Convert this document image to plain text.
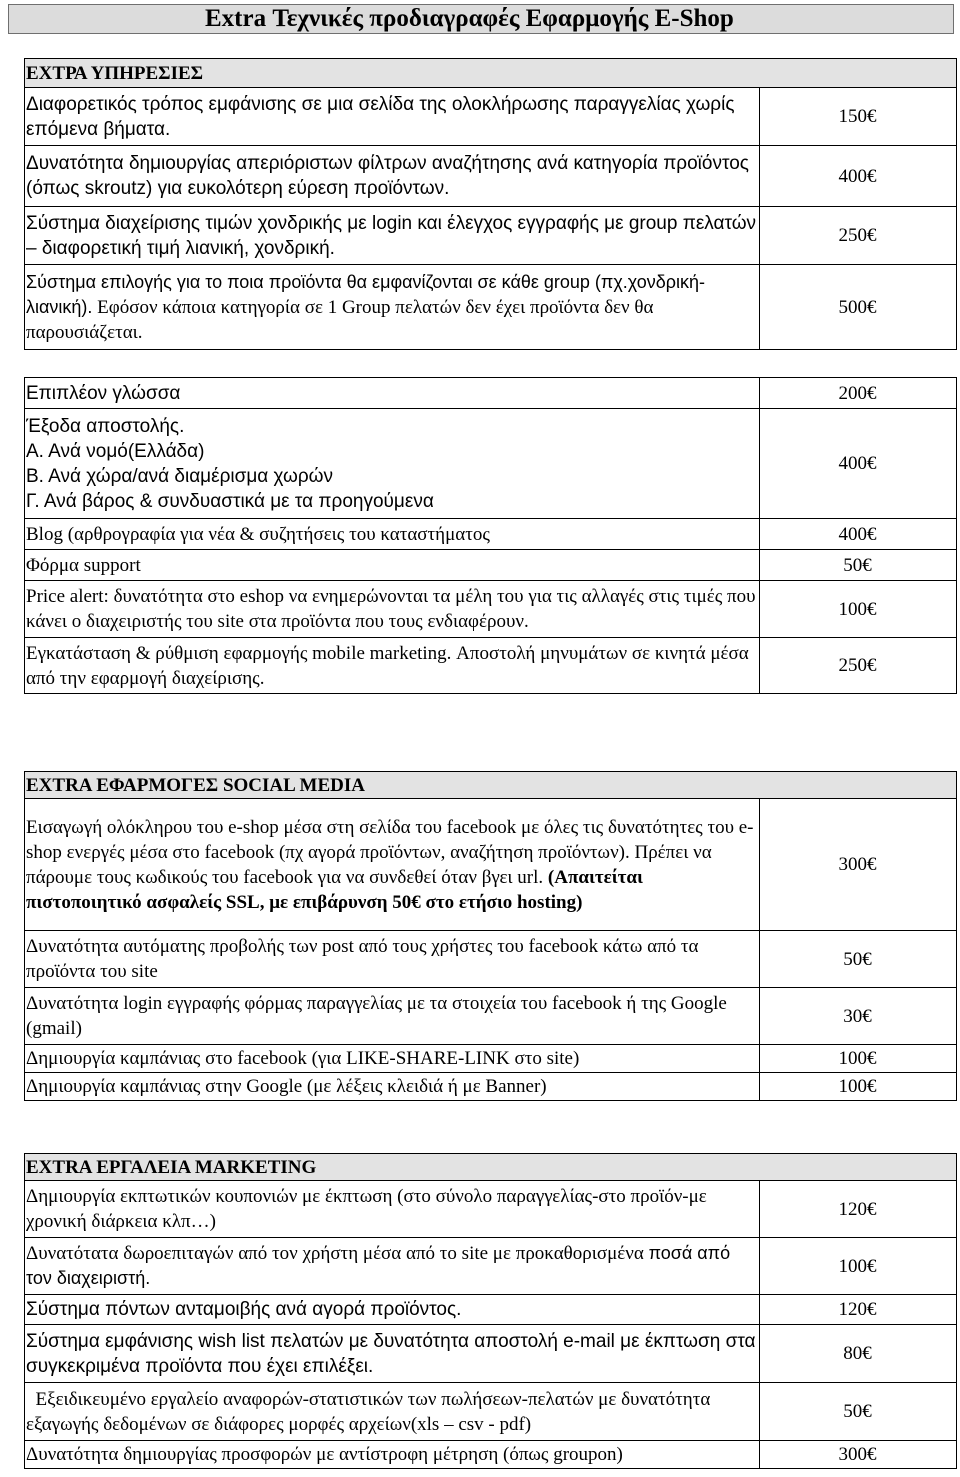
Extra Τεχνικές προδιαγραφές Εφαρμογής E-Shop
ΕΧΤΡΑ ΥΠΗΡΕΣΙΕΣ	
Διαφορετικός τρόπος εμφάνισης σε μια σελίδα της ολοκλήρωσης παραγγελίας χωρίς επόμενα βήματα.	150€
Δυνατότητα δημιουργίας απεριόριστων φίλτρων αναζήτησης ανά κατηγορία προϊόντος (όπως skroutz) για ευκολότερη εύρεση προϊόντων.	400€
Σύστημα διαχείρισης τιμών χονδρικής με login και έλεγχος εγγραφής με group πελατών – διαφορετική τιμή λιανική, χονδρική.	250€
Σύστημα επιλογής για το ποια προϊόντα θα εμφανίζονται σε κάθε group (πχ.χονδρική-λιανική). Εφόσον κάποια κατηγορία σε 1 Group πελατών δεν έχει προϊόντα δεν θα παρουσιάζεται.	500€
Επιπλέον γλώσσα	200€

Έξοδα αποστολής.
Α. Ανά νομό(Ελλάδα)
Β. Ανά χώρα/ανά διαμέρισμα χωρών
Γ. Ανά βάρος & συνδυαστικά με τα προηγούμενα	400€
Blog (αρθρογραφία για νέα & συζητήσεις του καταστήματος	400€
Φόρμα support	50€
Price alert: δυνατότητα στο eshop να ενημερώνονται τα μέλη του για τις αλλαγές στις τιμές που κάνει ο διαχειριστής του site στα προϊόντα που τους ενδιαφέρουν.	100€
Εγκατάσταση & ρύθμιση εφαρμογής mobile marketing. Αποστολή μηνυμάτων σε κινητά μέσα από την εφαρμογή διαχείρισης.	250€
EXTRA ΕΦΑΡΜΟΓΕΣ SOCIAL MEDIA	
Εισαγωγή ολόκληρου του e-shop μέσα στη σελίδα του facebook με όλες τις δυνατότητες του e-shop ενεργές μέσα στο facebook (πχ αγορά προϊόντων, αναζήτηση προϊόντων). Πρέπει να πάρουμε τους κωδικούς του facebook για να συνδεθεί όταν βγει url. (Απαιτείται πιστοποιητικό ασφαλείς SSL, με επιβάρυνση 50€ στο ετήσιο hosting)	300€
Δυνατότητα αυτόματης προβολής των post από τους χρήστες του facebook κάτω από τα προϊόντα του site	50€
Δυνατότητα login εγγραφής φόρμας παραγγελίας με τα στοιχεία του facebook ή της Google (gmail)	30€
Δημιουργία καμπάνιας στο facebook (για LIKE-SHARE-LINK στο site)	100€
Δημιουργία καμπάνιας στην Google (με λέξεις κλειδιά ή με Banner)	100€
EXTRA ΕΡΓΑΛΕΙΑ MARKETING	
Δημιουργία εκπτωτικών κουπονιών με έκπτωση (στο σύνολο παραγγελίας-στο προϊόν-με χρονική διάρκεια κλπ…)	120€
Δυνατότατα δωροεπιταγών από τον χρήστη μέσα από το site με προκαθορισμένα ποσά από τον διαχειριστή.	100€
Σύστημα πόντων ανταμοιβής ανά αγορά προϊόντος.	120€
Σύστημα εμφάνισης wish list πελατών με δυνατότητα αποστολή e-mail με έκπτωση στα συγκεκριμένα προϊόντα που έχει επιλέξει.	80€
Εξειδικευμένο εργαλείο αναφορών-στατιστικών των πωλήσεων-πελατών με δυνατότητα εξαγωγής δεδομένων σε διάφορες μορφές αρχείων(xls – csv - pdf)	50€
Δυνατότητα δημιουργίας προσφορών με αντίστροφη μέτρηση (όπως groupon)	300€
